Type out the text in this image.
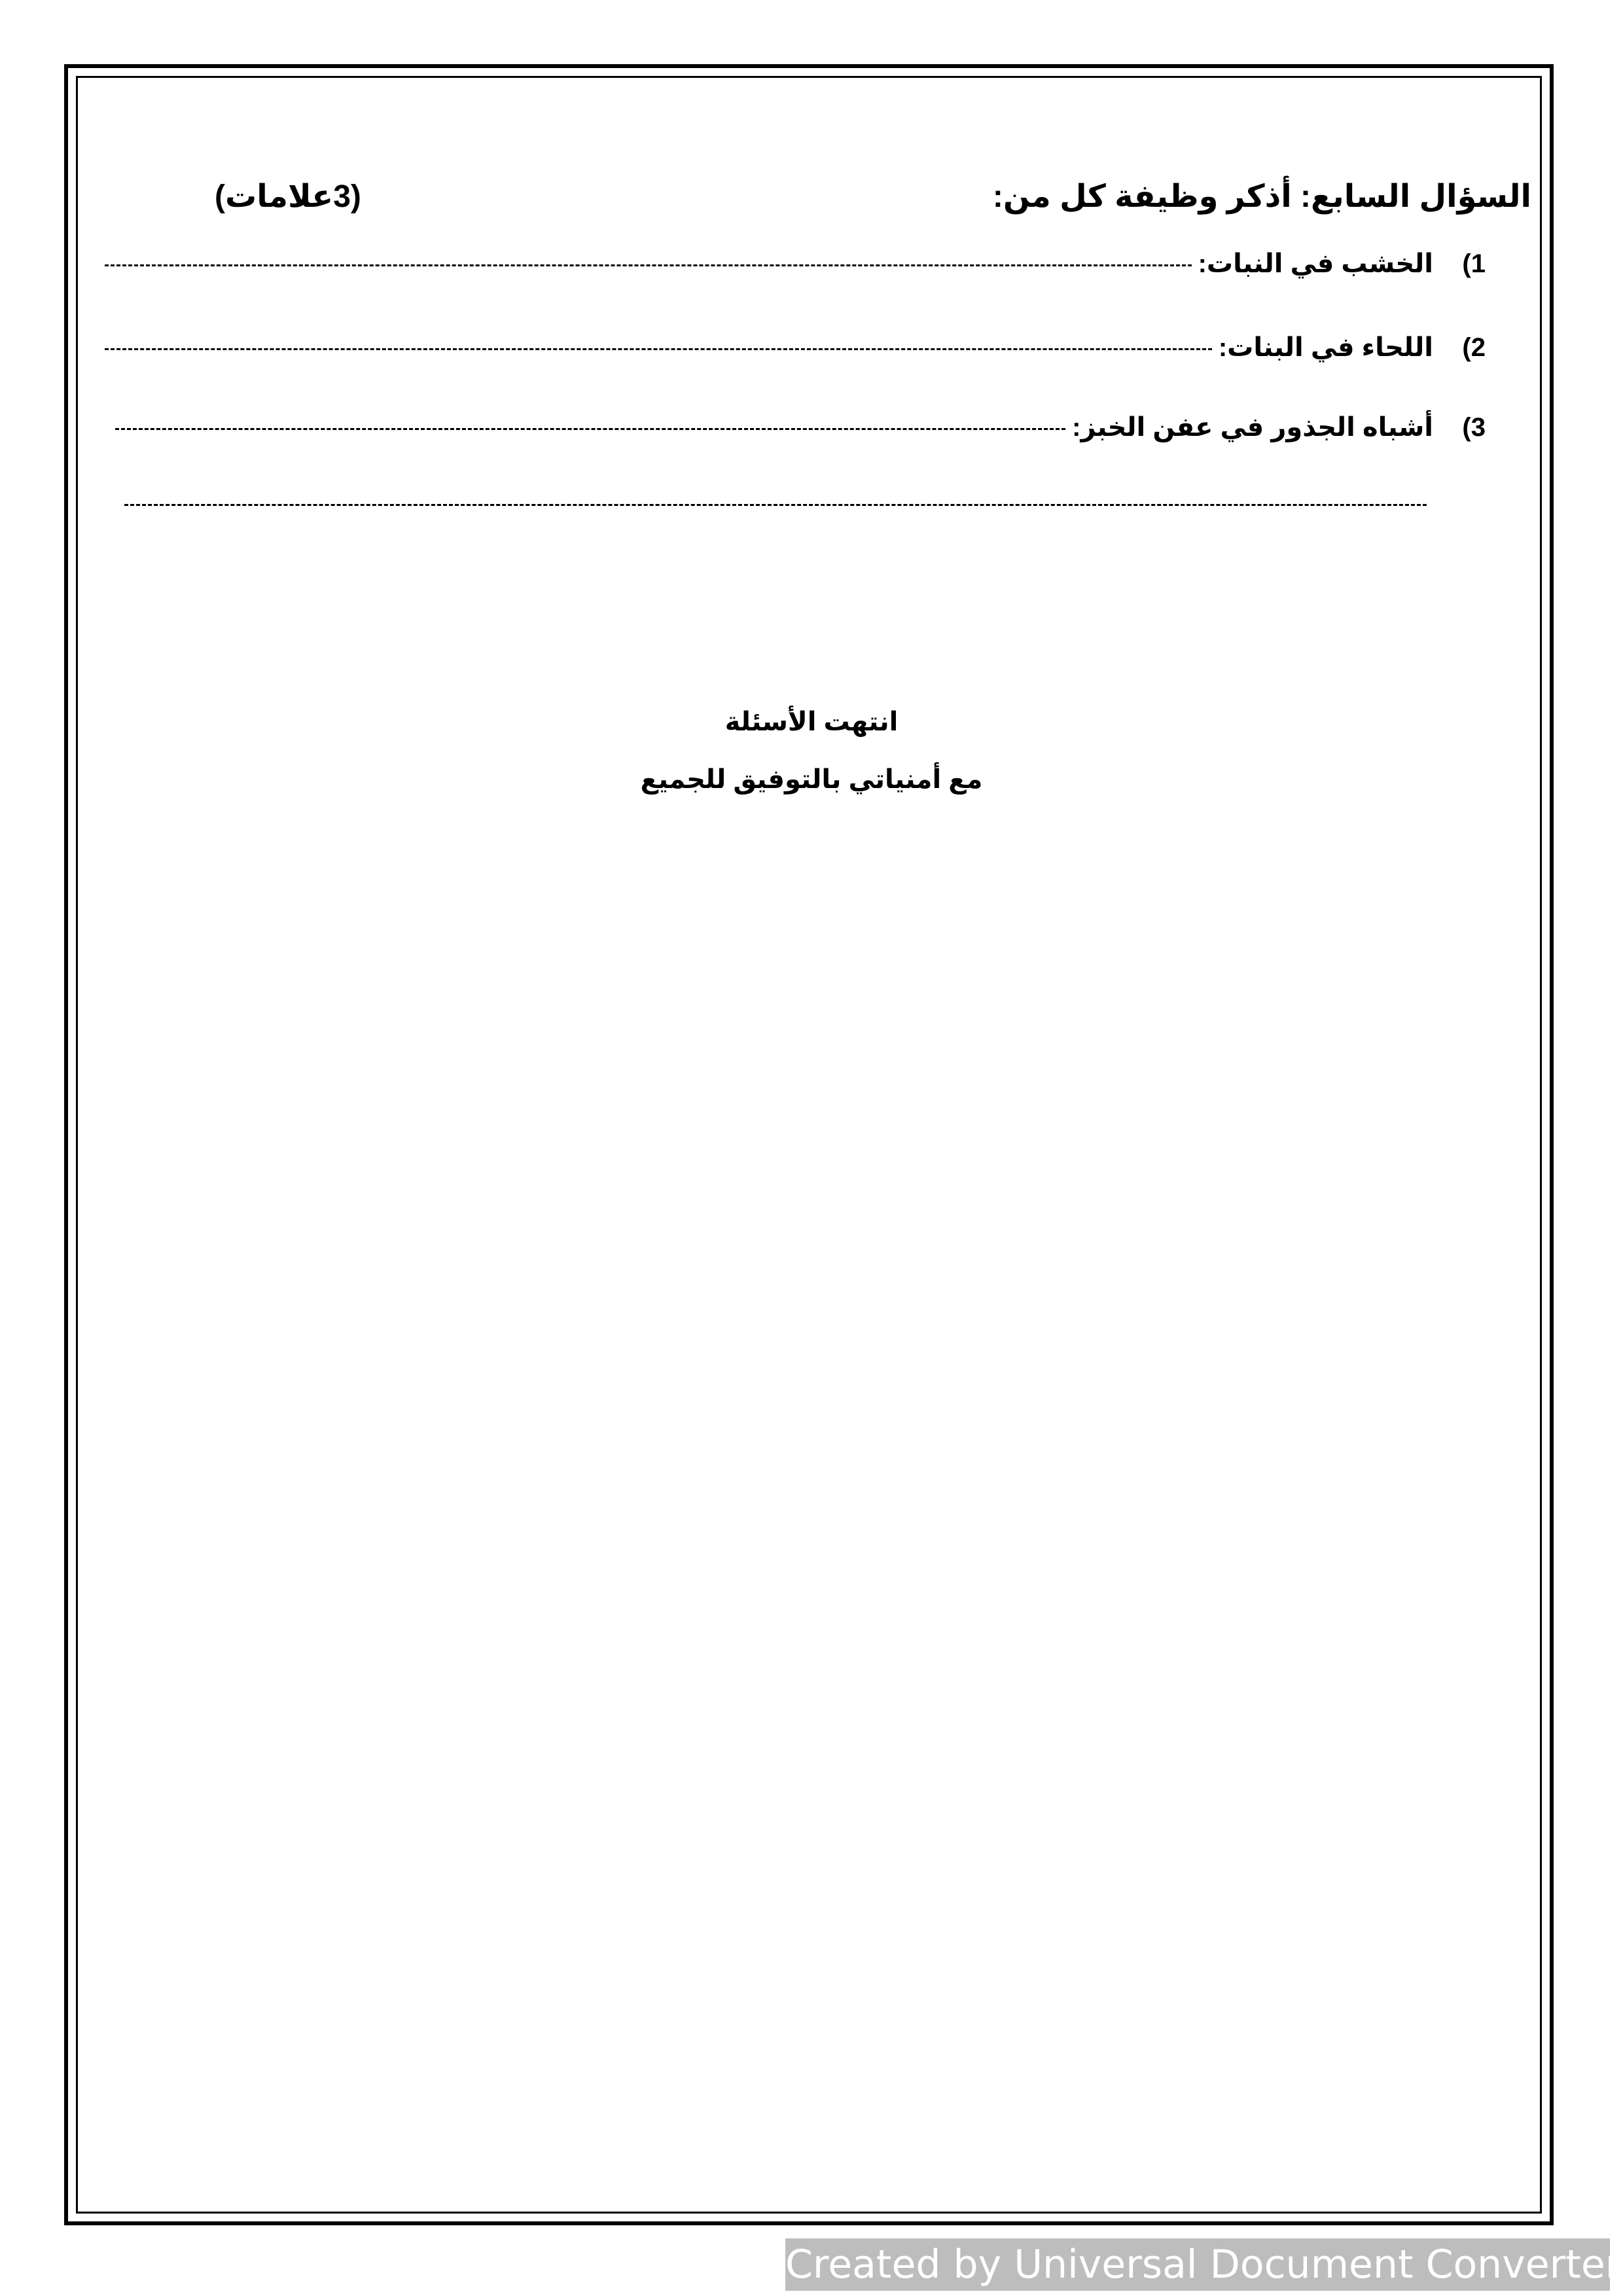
السؤال السابع: أذكر وظيفة كل من:
(3علامات)
1)
الخشب في النبات:
2)
اللحاء في البنات:
3)
أشباه الجذور في عفن الخبز:
انتهت الأسئلة
مع أمنياتي بالتوفيق للجميع
Created by Universal Document Converter
